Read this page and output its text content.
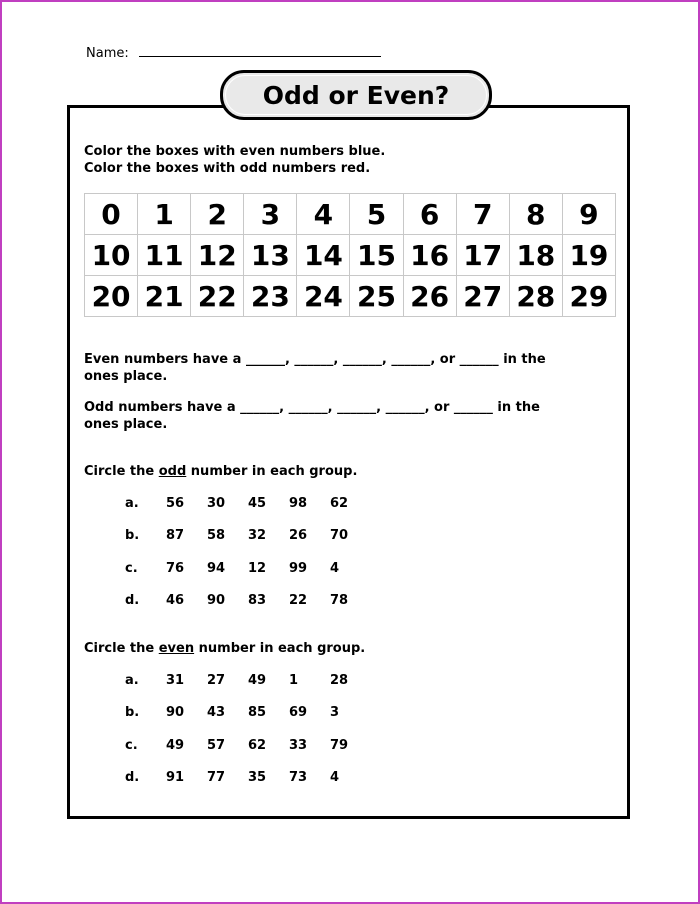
Name:
Odd or Even?
Color the boxes with even numbers blue.
Color the boxes with odd numbers red.
0	1	2	3	4	5	6	7	8	9
10	11	12	13	14	15	16	17	18	19
20	21	22	23	24	25	26	27	28	29
Even numbers have a ______, ______, ______, ______, or ______ in the
ones place.
Odd numbers have a ______, ______, ______, ______, or ______ in the
ones place.
Circle the odd number in each group.
a. 56 30 45 98 62
b. 87 58 32 26 70
c. 76 94 12 99 4
d. 46 90 83 22 78
Circle the even number in each group.
a. 31 27 49 1 28
b. 90 43 85 69 3
c. 49 57 62 33 79
d. 91 77 35 73 4
